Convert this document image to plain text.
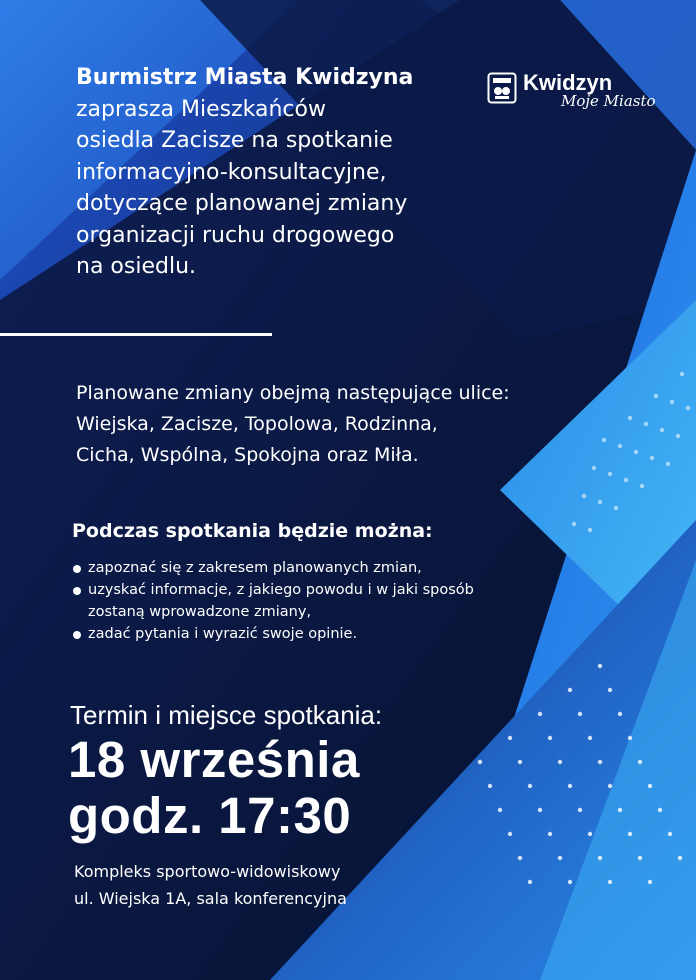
Kwidzyn
Moje Miasto
Burmistrz Miasta Kwidzyna
zaprasza Mieszkańców
osiedla Zacisze na spotkanie
informacyjno-konsultacyjne,
dotyczące planowanej zmiany
organizacji ruchu drogowego
na osiedlu.
Planowane zmiany obejmą następujące ulice:
Wiejska, Zacisze, Topolowa, Rodzinna,
Cicha, Wspólna, Spokojna oraz Miła.
Podczas spotkania będzie można:
zapoznać się z zakresem planowanych zmian,
uzyskać informacje, z jakiego powodu i w jaki sposób zostaną wprowadzone zmiany,
zadać pytania i wyrazić swoje opinie.
Termin i miejsce spotkania:
18 września
godz. 17:30
Kompleks sportowo-widowiskowy
ul. Wiejska 1A, sala konferencyjna
